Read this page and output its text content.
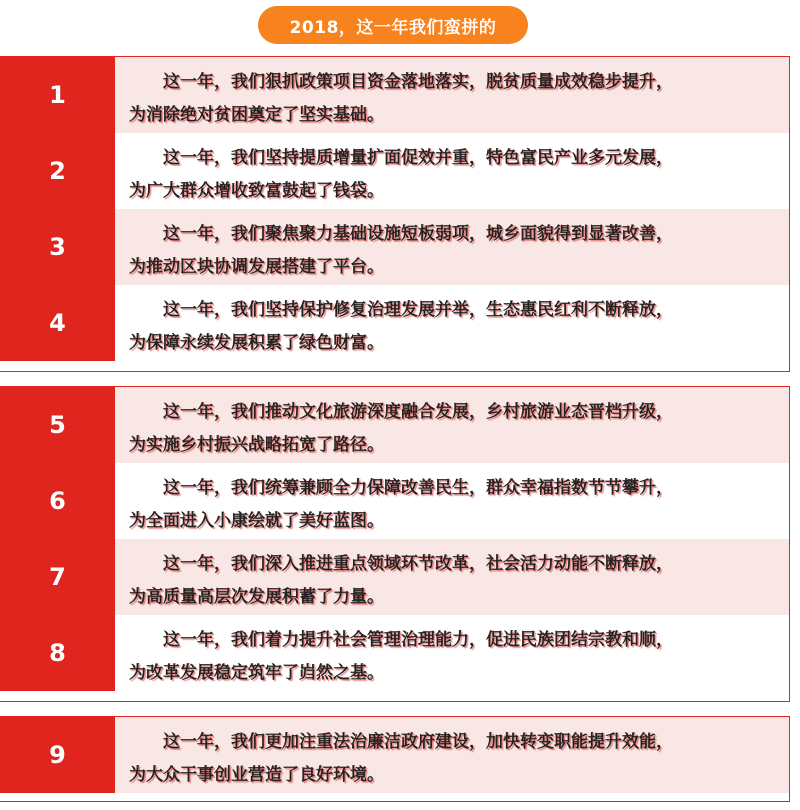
2018，这一年我们蛮拼的
1	这一年，我们狠抓政策项目资金落地落实，脱贫质量成效稳步提升，
为消除绝对贫困奠定了坚实基础。
2	这一年，我们坚持提质增量扩面促效并重，特色富民产业多元发展，
为广大群众增收致富鼓起了钱袋。
3	这一年，我们聚焦聚力基础设施短板弱项，城乡面貌得到显著改善，
为推动区块协调发展搭建了平台。
4	这一年，我们坚持保护修复治理发展并举，生态惠民红利不断释放，
为保障永续发展积累了绿色财富。
5	这一年，我们推动文化旅游深度融合发展，乡村旅游业态晋档升级，
为实施乡村振兴战略拓宽了路径。
6	这一年，我们统筹兼顾全力保障改善民生，群众幸福指数节节攀升，
为全面进入小康绘就了美好蓝图。
7	这一年，我们深入推进重点领域环节改革，社会活力动能不断释放，
为高质量高层次发展积蓄了力量。
8	这一年，我们着力提升社会管理治理能力，促进民族团结宗教和顺，
为改革发展稳定筑牢了岿然之基。
9	这一年，我们更加注重法治廉洁政府建设，加快转变职能提升效能，
为大众干事创业营造了良好环境。
